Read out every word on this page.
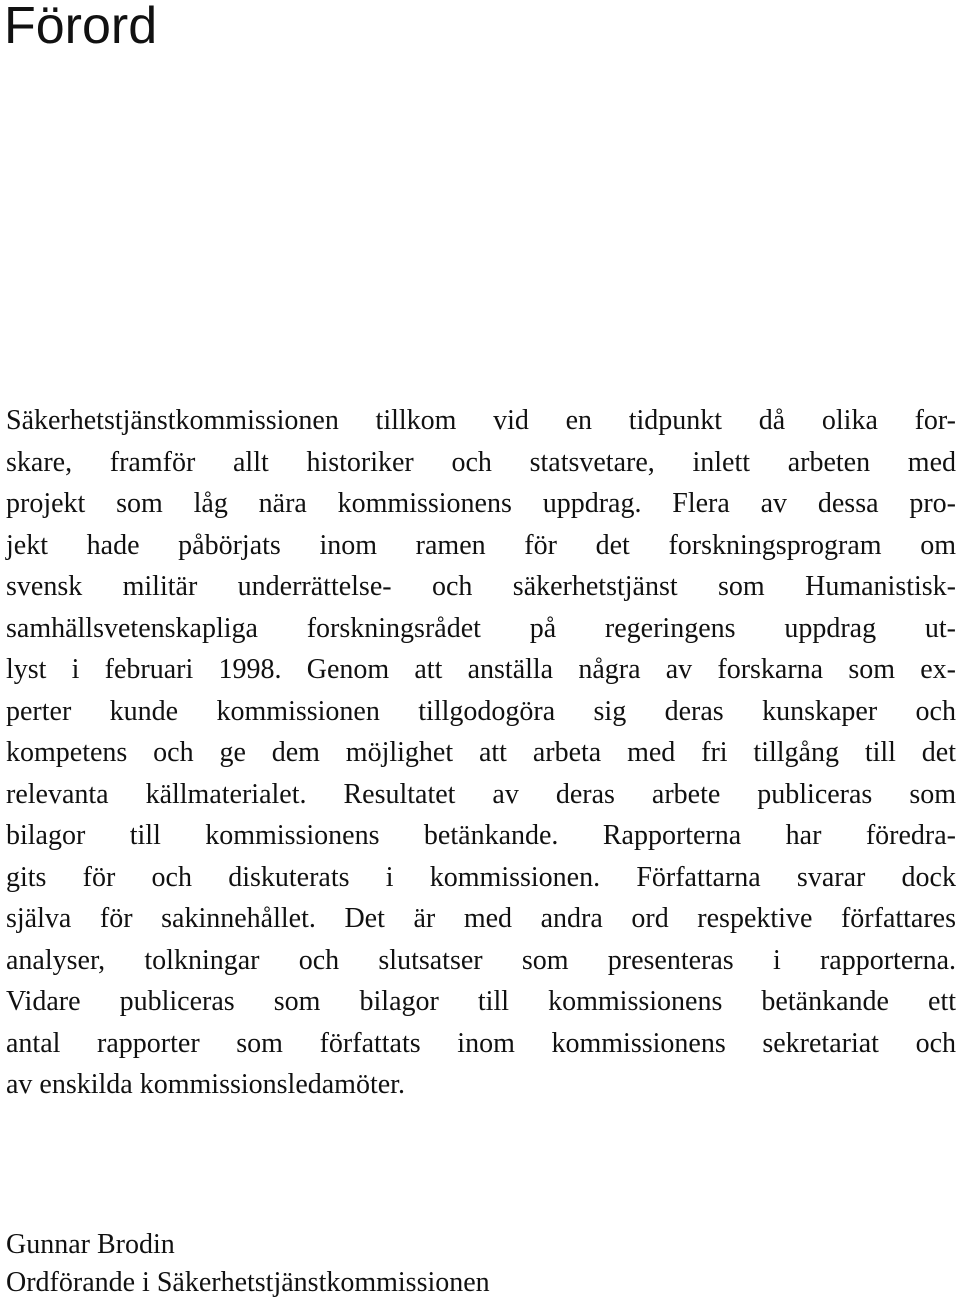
Förord
Säkerhetstjänstkommissionen tillkom vid en tidpunkt då olika for-
skare, framför allt historiker och statsvetare, inlett arbeten med
projekt som låg nära kommissionens uppdrag. Flera av dessa pro-
jekt hade påbörjats inom ramen för det forskningsprogram om
svensk militär underrättelse- och säkerhetstjänst som Humanistisk-
samhällsvetenskapliga forskningsrådet på regeringens uppdrag ut-
lyst i februari 1998. Genom att anställa några av forskarna som ex-
perter kunde kommissionen tillgodogöra sig deras kunskaper och
kompetens och ge dem möjlighet att arbeta med fri tillgång till det
relevanta källmaterialet. Resultatet av deras arbete publiceras som
bilagor till kommissionens betänkande. Rapporterna har föredra-
gits för och diskuterats i kommissionen. Författarna svarar dock
själva för sakinnehållet. Det är med andra ord respektive författares
analyser, tolkningar och slutsatser som presenteras i rapporterna.
Vidare publiceras som bilagor till kommissionens betänkande ett
antal rapporter som författats inom kommissionens sekretariat och
av enskilda kommissionsledamöter.
Gunnar Brodin
Ordförande i Säkerhetstjänstkommissionen
